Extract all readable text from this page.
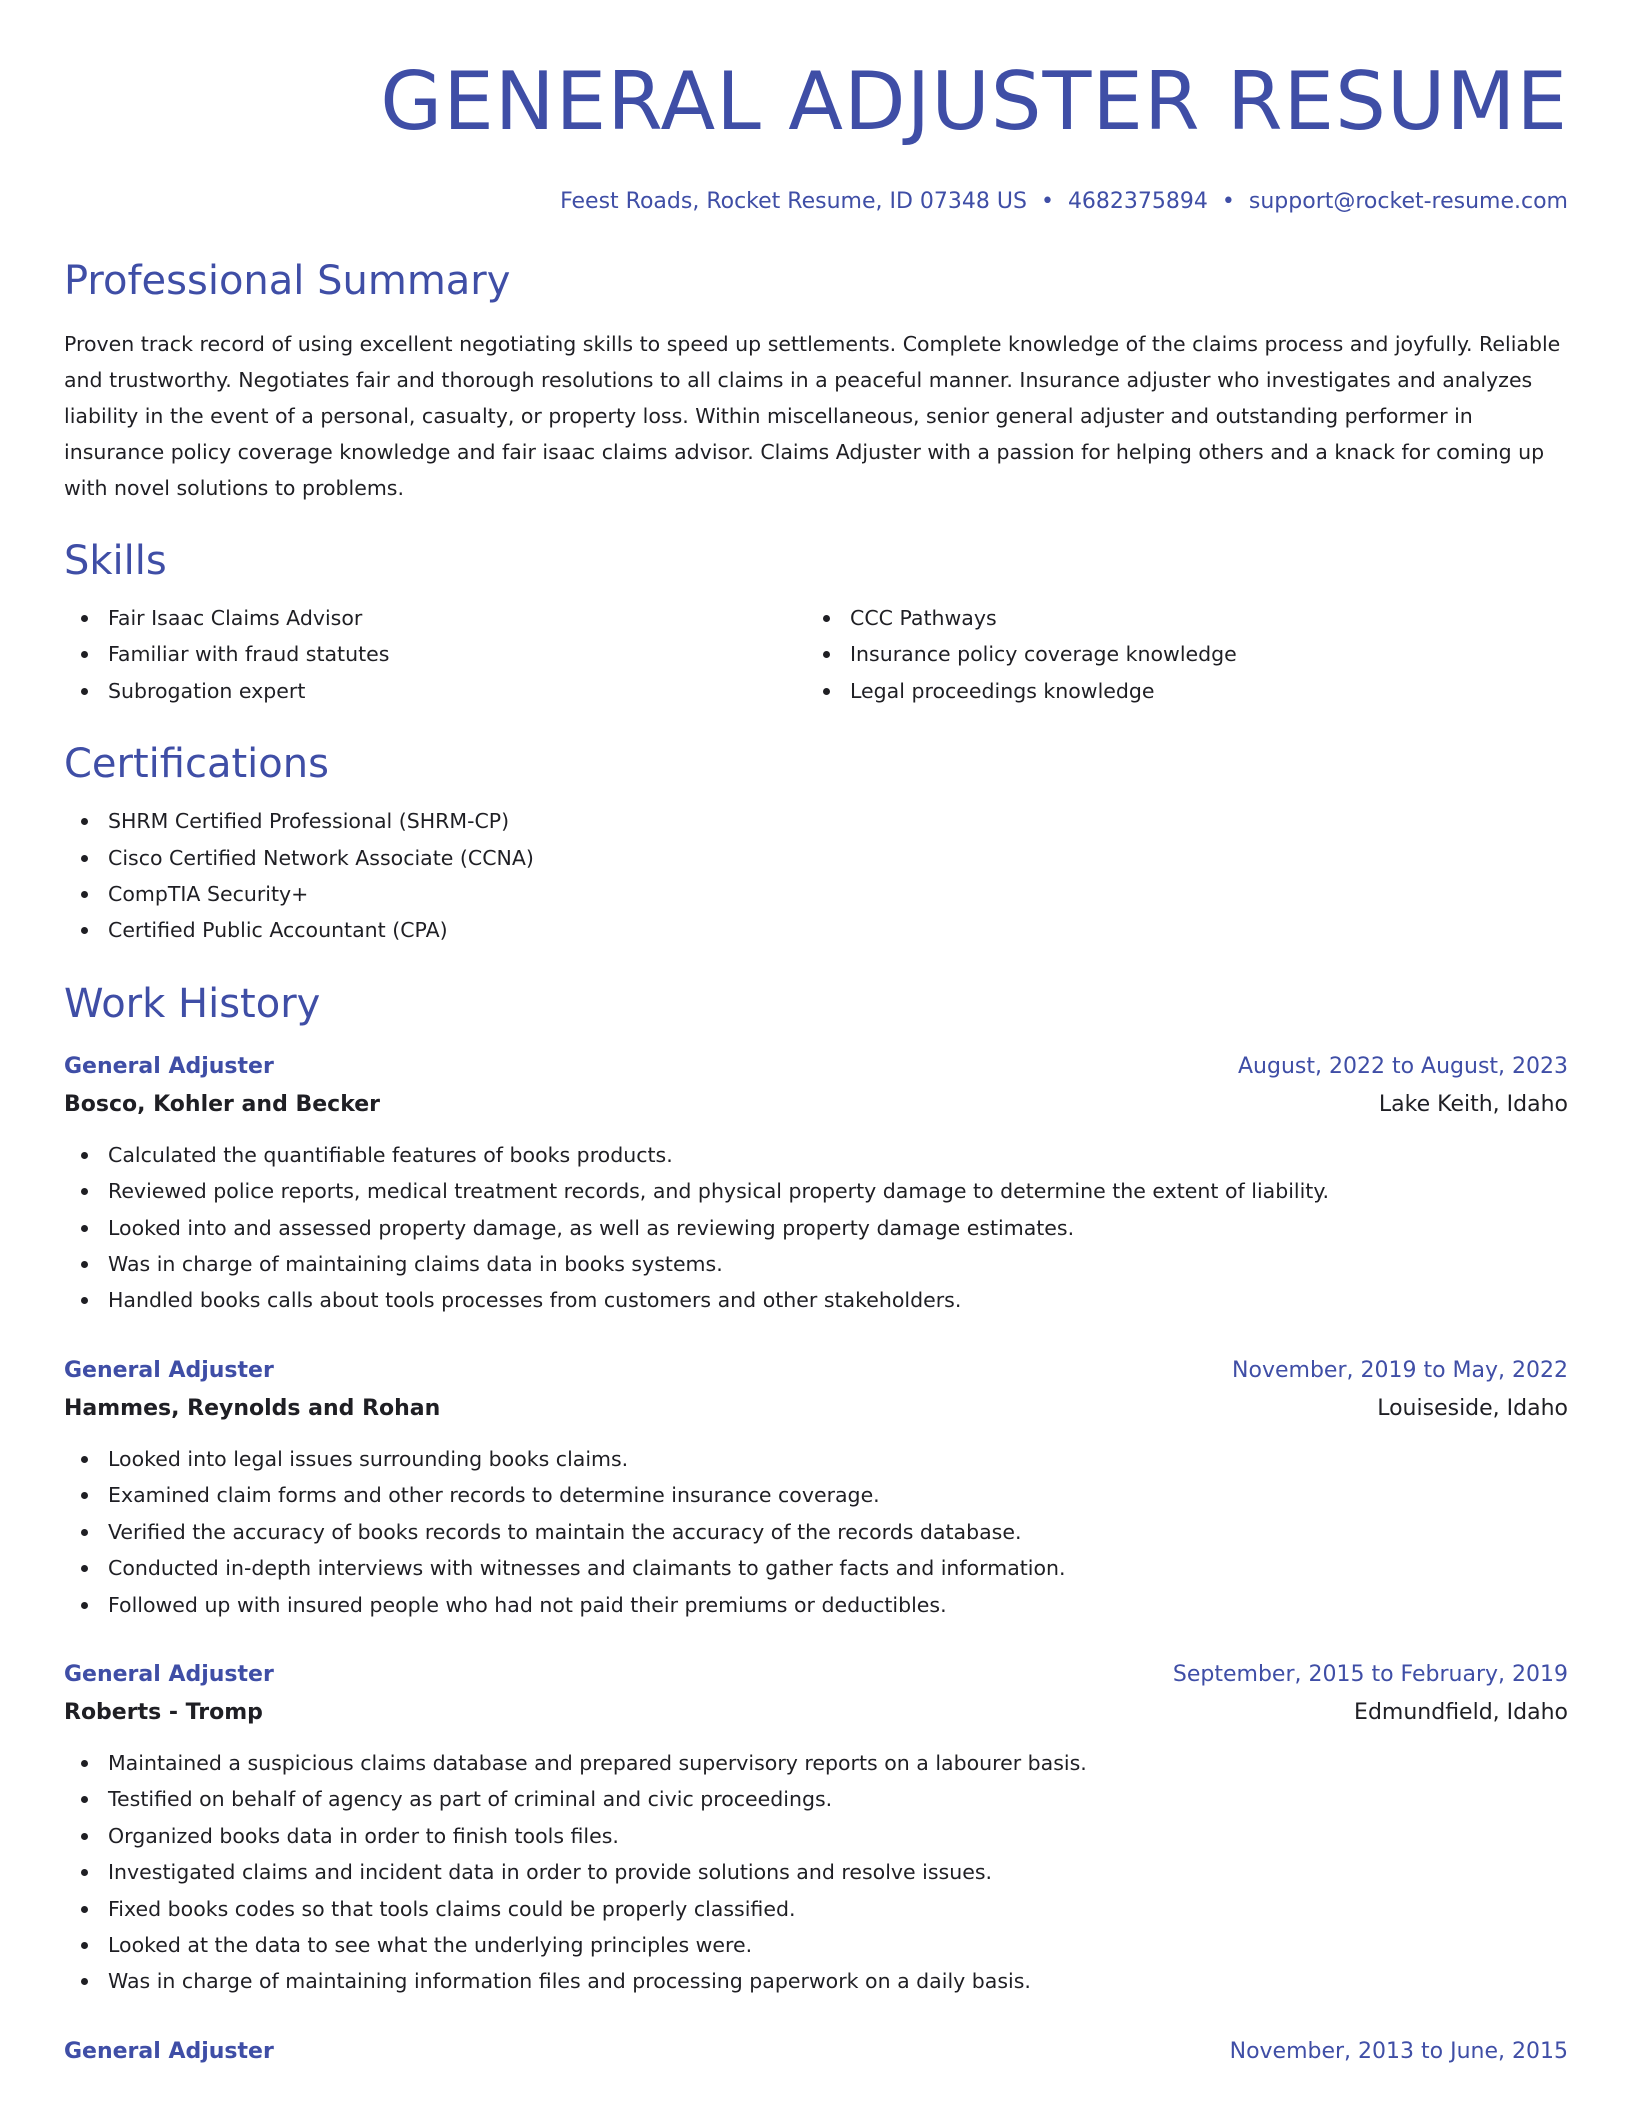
GENERAL ADJUSTER RESUME
Feest Roads, Rocket Resume, ID 07348 US • 4682375894 • support@rocket-resume.com
Professional Summary
Proven track record of using excellent negotiating skills to speed up settlements. Complete knowledge of the claims process and joyfully. Reliable and trustworthy. Negotiates fair and thorough resolutions to all claims in a peaceful manner. Insurance adjuster who investigates and analyzes liability in the event of a personal, casualty, or property loss. Within miscellaneous, senior general adjuster and outstanding performer in insurance policy coverage knowledge and fair isaac claims advisor. Claims Adjuster with a passion for helping others and a knack for coming up with novel solutions to problems.
Skills
Fair Isaac Claims Advisor
Familiar with fraud statutes
Subrogation expert
CCC Pathways
Insurance policy coverage knowledge
Legal proceedings knowledge
Certifications
SHRM Certified Professional (SHRM-CP)
Cisco Certified Network Associate (CCNA)
CompTIA Security+
Certified Public Accountant (CPA)
Work History
General Adjuster	August, 2022 to August, 2023
Bosco, Kohler and Becker	Lake Keith, Idaho
Calculated the quantifiable features of books products.
Reviewed police reports, medical treatment records, and physical property damage to determine the extent of liability.
Looked into and assessed property damage, as well as reviewing property damage estimates.
Was in charge of maintaining claims data in books systems.
Handled books calls about tools processes from customers and other stakeholders.
General Adjuster	November, 2019 to May, 2022
Hammes, Reynolds and Rohan	Louiseside, Idaho
Looked into legal issues surrounding books claims.
Examined claim forms and other records to determine insurance coverage.
Verified the accuracy of books records to maintain the accuracy of the records database.
Conducted in-depth interviews with witnesses and claimants to gather facts and information.
Followed up with insured people who had not paid their premiums or deductibles.
General Adjuster	September, 2015 to February, 2019
Roberts - Tromp	Edmundfield, Idaho
Maintained a suspicious claims database and prepared supervisory reports on a labourer basis.
Testified on behalf of agency as part of criminal and civic proceedings.
Organized books data in order to finish tools files.
Investigated claims and incident data in order to provide solutions and resolve issues.
Fixed books codes so that tools claims could be properly classified.
Looked at the data to see what the underlying principles were.
Was in charge of maintaining information files and processing paperwork on a daily basis.
General Adjuster	November, 2013 to June, 2015
